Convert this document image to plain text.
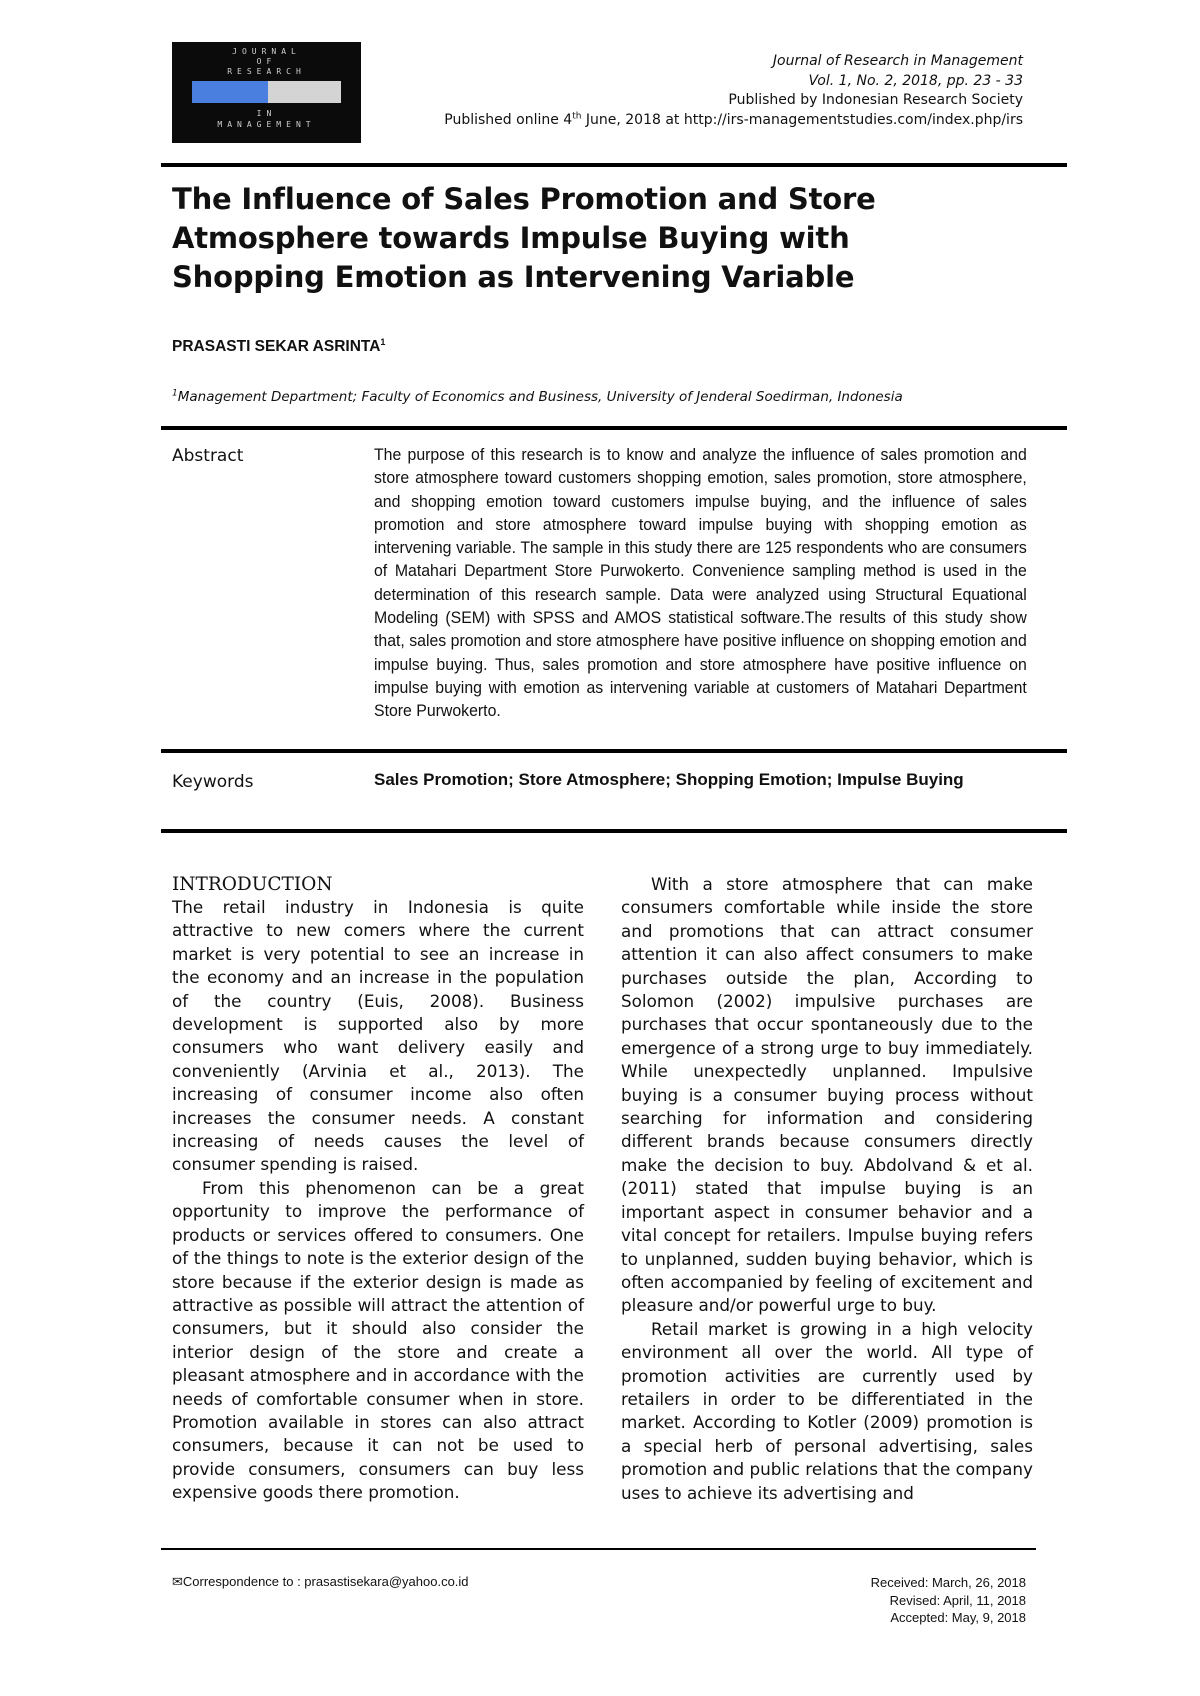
JOURNAL
OF
RESEARCH
IN
MANAGEMENT
Journal of Research in Management
Vol. 1, No. 2, 2018, pp. 23 - 33
Published by Indonesian Research Society
Published online 4th June, 2018 at http://irs-managementstudies.com/index.php/irs
The Influence of Sales Promotion and Store Atmosphere towards Impulse Buying with Shopping Emotion as Intervening Variable
PRASASTI SEKAR ASRINTA$^1$
$^1$Management Department; Faculty of Economics and Business, University of Jenderal Soedirman, Indonesia
Abstract	The purpose of this research is to know and analyze the influence of sales promotion and store atmosphere toward customers shopping emotion, sales promotion, store atmosphere, and shopping emotion toward customers impulse buying, and the influence of sales promotion and store atmosphere toward impulse buying with shopping emotion as intervening variable. The sample in this study there are 125 respondents who are consumers of Matahari Department Store Purwokerto. Convenience sampling method is used in the determination of this research sample. Data were analyzed using Structural Equational Modeling (SEM) with SPSS and AMOS statistical software.The results of this study show that, sales promotion and store atmosphere have positive influence on shopping emotion and impulse buying. Thus, sales promotion and store atmosphere have positive influence on impulse buying with emotion as intervening variable at customers of Matahari Department Store Purwokerto.
Keywords	Sales Promotion; Store Atmosphere; Shopping Emotion; Impulse Buying
INTRODUCTION

The retail industry in Indonesia is quite attractive to new comers where the current market is very potential to see an increase in the economy and an increase in the population of the country (Euis, 2008). Business development is supported also by more consumers who want delivery easily and conveniently (Arvinia et al., 2013). The increasing of consumer income also often increases the consumer needs. A constant increasing of needs causes the level of consumer spending is raised.

From this phenomenon can be a great opportunity to improve the performance of products or services offered to consumers. One of the things to note is the exterior design of the store because if the exterior design is made as attractive as possible will attract the attention of consumers, but it should also consider the interior design of the store and create a pleasant atmosphere and in accordance with the needs of comfortable consumer when in store. Promotion available in stores can also attract consumers, because it can not be used to provide consumers, consumers can buy less expensive goods there promotion.

With a store atmosphere that can make consumers comfortable while inside the store and promotions that can attract consumer attention it can also affect consumers to make purchases outside the plan, According to Solomon (2002) impulsive purchases are purchases that occur spontaneously due to the emergence of a strong urge to buy immediately. While unexpectedly unplanned. Impulsive buying is a consumer buying process without searching for information and considering different brands because consumers directly make the decision to buy. Abdolvand & et al. (2011) stated that impulse buying is an important aspect in consumer behavior and a vital concept for retailers. Impulse buying refers to unplanned, sudden buying behavior, which is often accompanied by feeling of excitement and pleasure and/or powerful urge to buy.

Retail market is growing in a high velocity environment all over the world. All type of promotion activities are currently used by retailers in order to be differentiated in the market. According to Kotler (2009) promotion is a special herb of personal advertising, sales promotion and public relations that the company uses to achieve its advertising and

✉Correspondence to : prasastisekara@yahoo.co.id	Received: March, 26, 2018
Revised: April, 11, 2018
Accepted: May, 9, 2018
